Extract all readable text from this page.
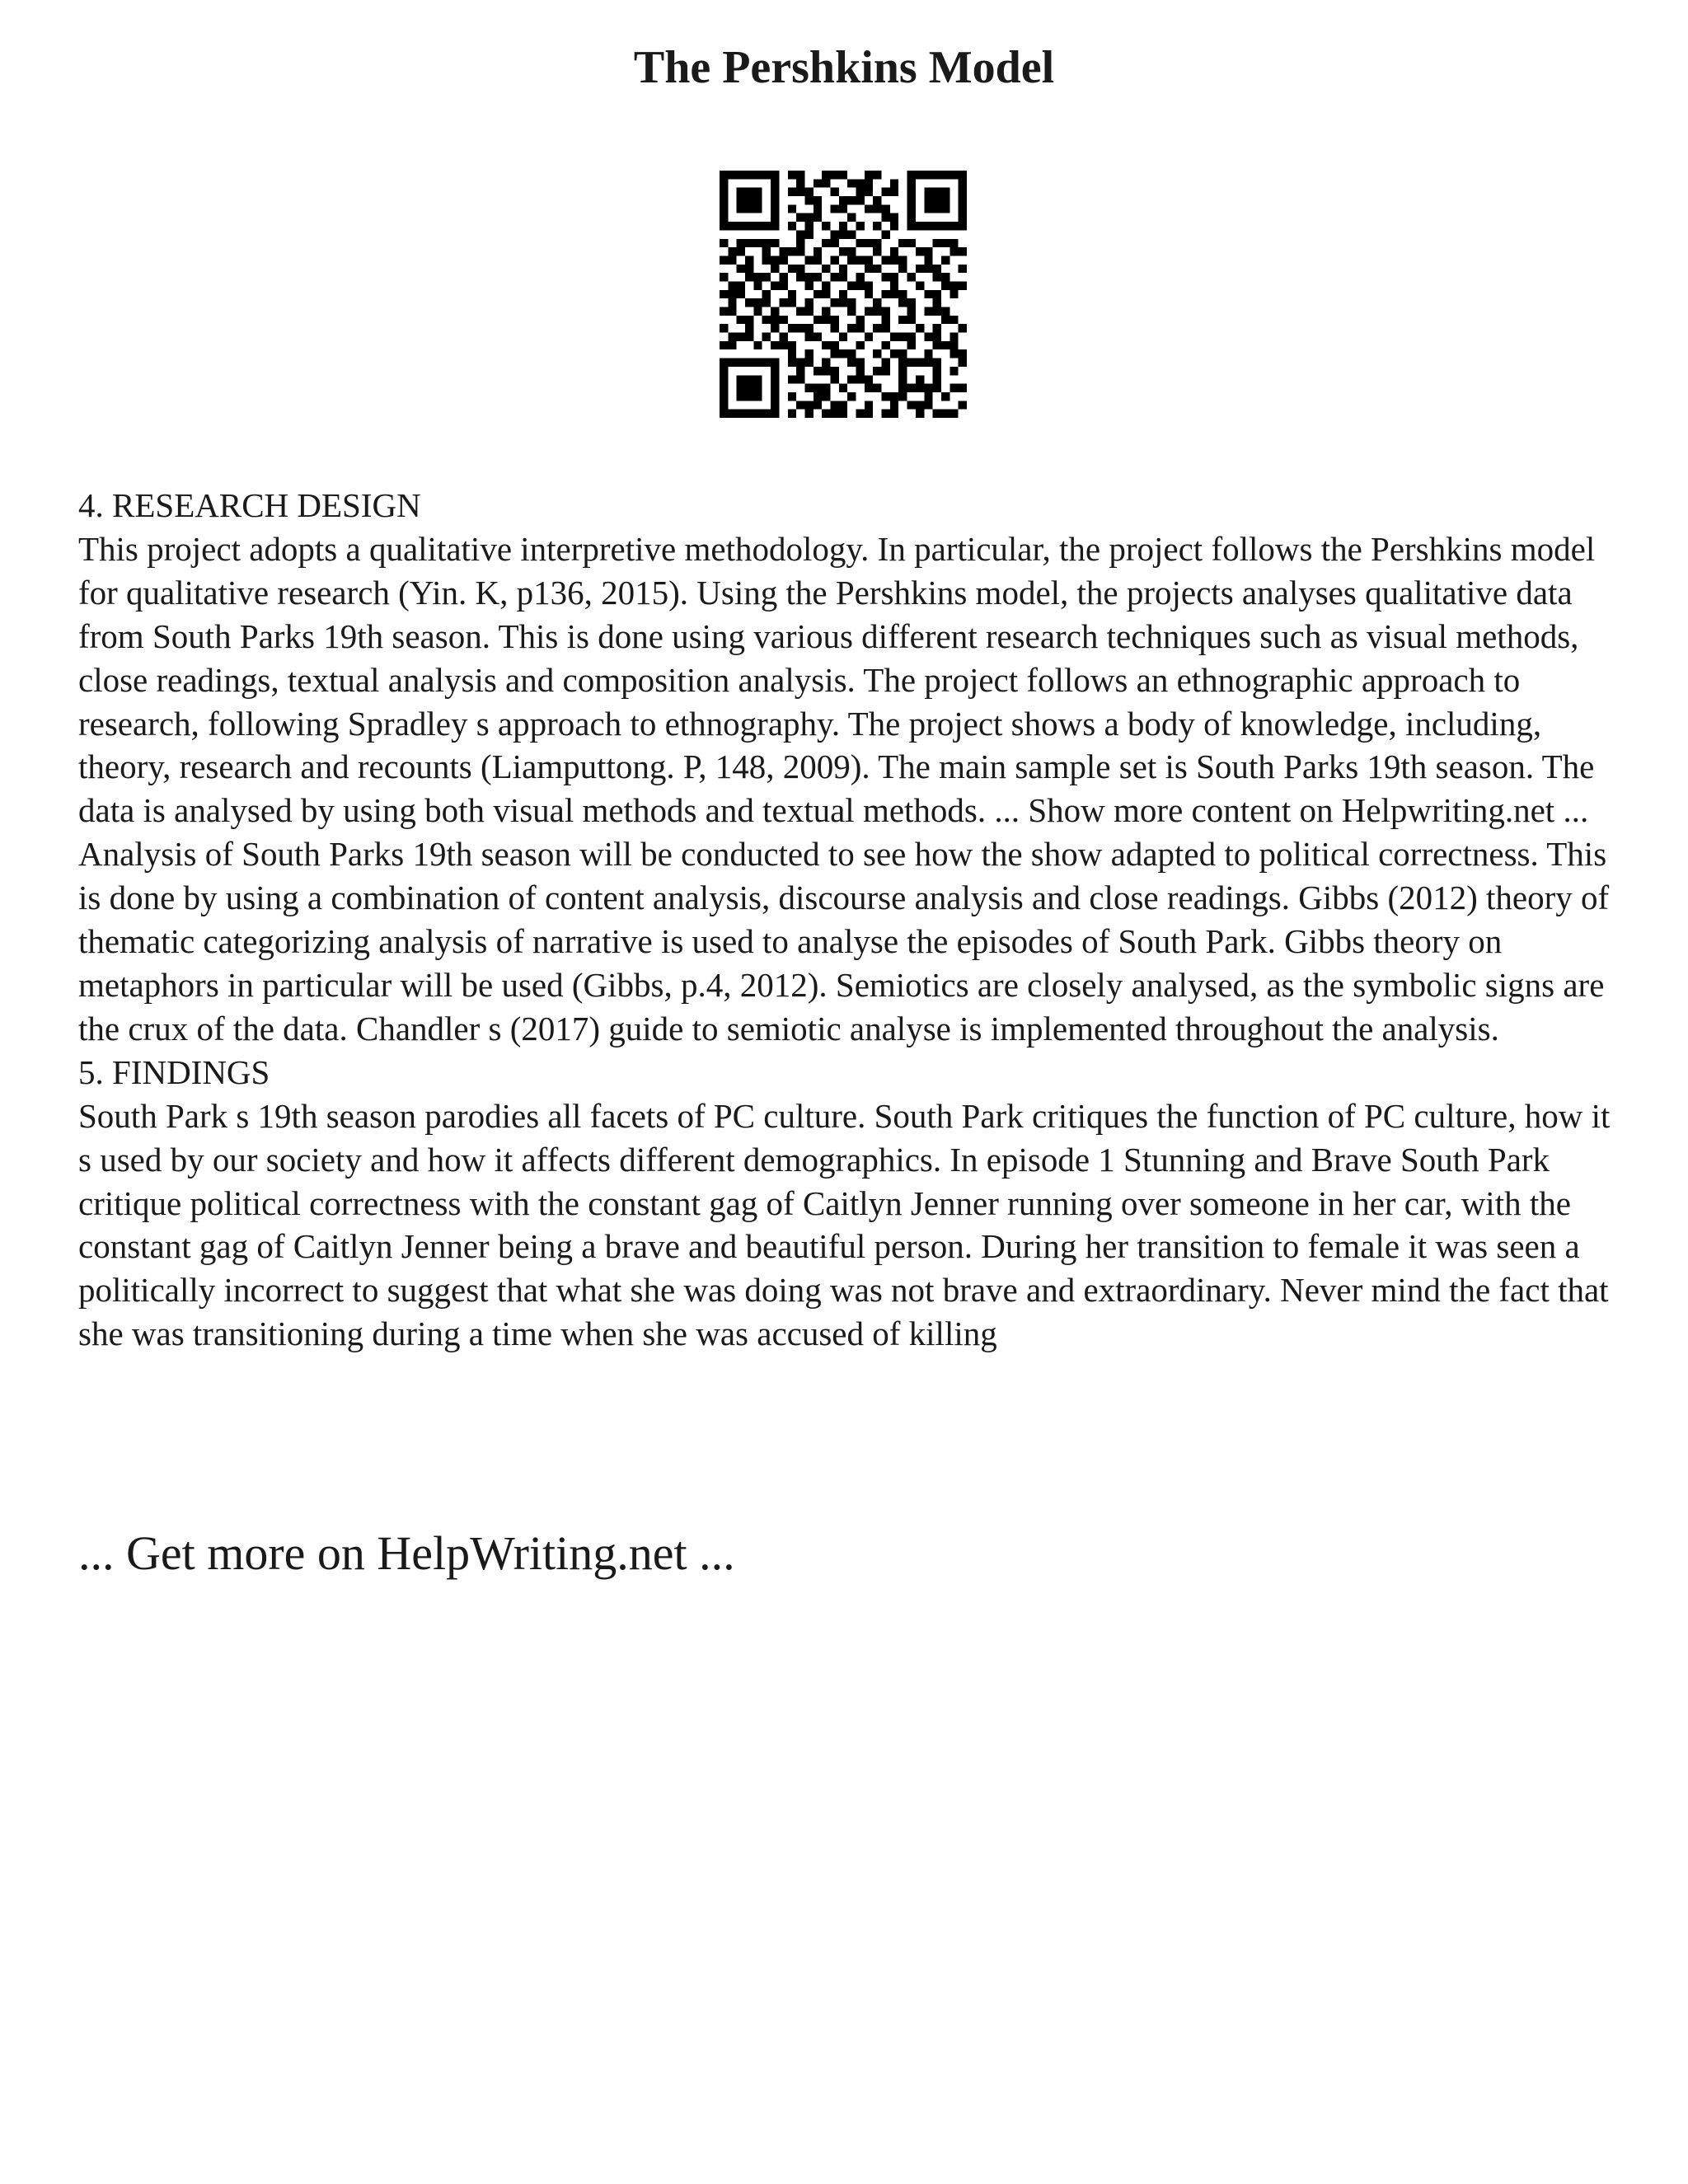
The Pershkins Model

4. RESEARCH DESIGN

This project adopts a qualitative interpretive methodology. In particular, the project follows the Pershkins model for qualitative research (Yin. K, p136, 2015). Using the Pershkins model, the projects analyses qualitative data from South Parks 19th season. This is done using various different research techniques such as visual methods, close readings, textual analysis and composition analysis. The project follows an ethnographic approach to research, following Spradley s approach to ethnography. The project shows a body of knowledge, including, theory, research and recounts (Liamputtong. P, 148, 2009). The main sample set is South Parks 19th season. The data is analysed by using both visual methods and textual methods. ... Show more content on Helpwriting.net ...

Analysis of South Parks 19th season will be conducted to see how the show adapted to political correctness. This is done by using a combination of content analysis, discourse analysis and close readings. Gibbs (2012) theory of thematic categorizing analysis of narrative is used to analyse the episodes of South Park. Gibbs theory on metaphors in particular will be used (Gibbs, p.4, 2012). Semiotics are closely analysed, as the symbolic signs are the crux of the data. Chandler s (2017) guide to semiotic analyse is implemented throughout the analysis.

5. FINDINGS

South Park s 19th season parodies all facets of PC culture. South Park critiques the function of PC culture, how it s used by our society and how it affects different demographics. In episode 1 Stunning and Brave South Park critique political correctness with the constant gag of Caitlyn Jenner running over someone in her car, with the constant gag of Caitlyn Jenner being a brave and beautiful person. During her transition to female it was seen a politically incorrect to suggest that what she was doing was not brave and extraordinary. Never mind the fact that she was transitioning during a time when she was accused of killing

... Get more on HelpWriting.net ...
